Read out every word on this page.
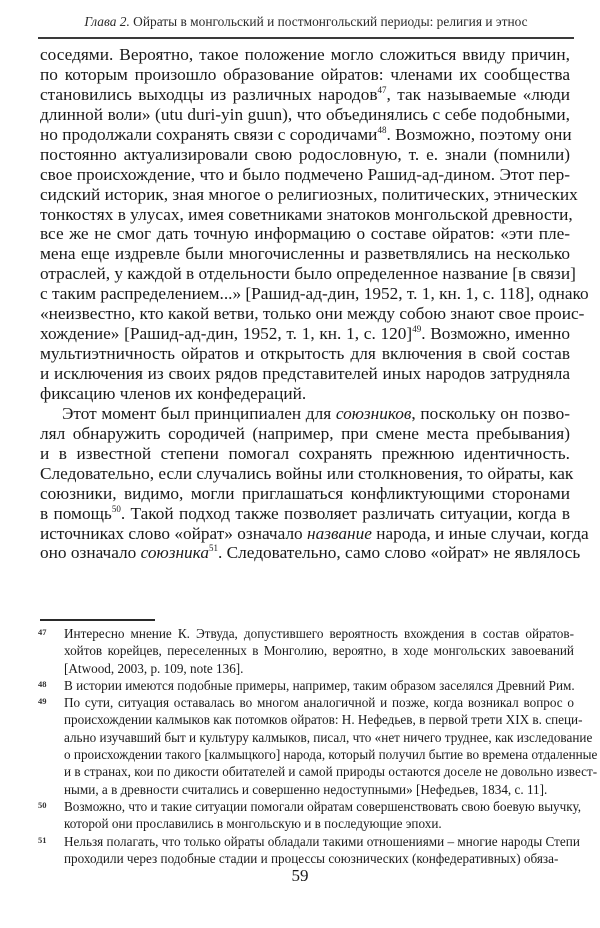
Глава 2. Ойраты в монгольский и постмонгольский периоды: религия и этнос
соседями. Вероятно, такое положение могло сложиться ввиду причин,
по которым произошло образование ойратов: членами их сообщества
становились выходцы из различных народов$^{47}$, так называемые «люди
длинной воли» (utu duri-yin guun), что объединялись с себе подобными,
но продолжали сохранять связи с сородичами$^{48}$. Возможно, поэтому они
постоянно актуализировали свою родословную, т. е. знали (помнили)
свое происхождение, что и было подмечено Рашид-ад-дином. Этот пер-
сидский историк, зная многое о религиозных, политических, этнических
тонкостях в улусах, имея советниками знатоков монгольской древности,
все же не смог дать точную информацию о составе ойратов: «эти пле-
мена еще издревле были многочисленны и разветвлялись на несколько
отраслей, у каждой в отдельности было определенное название [в связи]
с таким распределением...» [Рашид-ад-дин, 1952, т. 1, кн. 1, с. 118], однако
«неизвестно, кто какой ветви, только они между собою знают свое проис-
хождение» [Рашид-ад-дин, 1952, т. 1, кн. 1, с. 120]$^{49}$. Возможно, именно
мультиэтничность ойратов и открытость для включения в свой состав
и исключения из своих рядов представителей иных народов затрудняла
фиксацию членов их конфедераций.
Этот момент был принципиален для союзников, поскольку он позво-
лял обнаружить сородичей (например, при смене места пребывания)
и в известной степени помогал сохранять прежнюю идентичность.
Следовательно, если случались войны или столкновения, то ойраты, как
союзники, видимо, могли приглашаться конфликтующими сторонами
в помощь$^{50}$. Такой подход также позволяет различать ситуации, когда в
источниках слово «ойрат» означало название народа, и иные случаи, когда
оно означало союзника$^{51}$. Следовательно, само слово «ойрат» не являлось
47 Интересно мнение К. Этвуда, допустившего вероятность вхождения в состав ойратов-
хойтов корейцев, переселенных в Монголию, вероятно, в ходе монгольских завоеваний
[Atwood, 2003, p. 109, note 136].
48 В истории имеются подобные примеры, например, таким образом заселялся Древний Рим.
49 По сути, ситуация оставалась во многом аналогичной и позже, когда возникал вопрос о
происхождении калмыков как потомков ойратов: Н. Нефедьев, в первой трети XIX в. специ-
ально изучавший быт и культуру калмыков, писал, что «нет ничего труднее, как изследование
о происхождении такого [калмыцкого] народа, который получил бытие во времена отдаленные
и в странах, кои по дикости обитателей и самой природы остаются доселе не довольно извест-
ными, а в древности считались и совершенно недоступными» [Нефедьев, 1834, с. 11].
50 Возможно, что и такие ситуации помогали ойратам совершенствовать свою боевую выучку,
которой они прославились в монгольскую и в последующие эпохи.
51 Нельзя полагать, что только ойраты обладали такими отношениями – многие народы Степи
проходили через подобные стадии и процессы союзнических (конфедеративных) обяза-
59
